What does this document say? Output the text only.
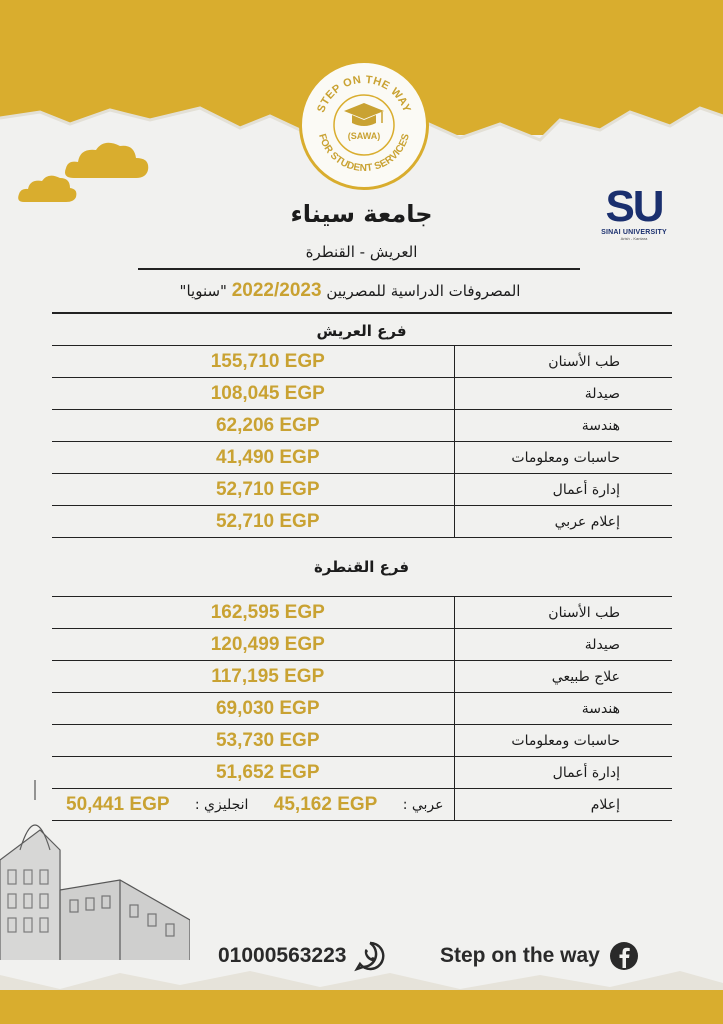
STEP ON THE WAY
FOR STUDENT SERVICES
(SAWA)
SU
SINAI UNIVERSITY
Arish - Kantara
جامعة سيناء
العريش - القنطرة
المصروفات الدراسية للمصريين 2022/2023 "سنويا"
فرع العريش
155,710 EGP	طب الأسنان
108,045 EGP	صيدلة
62,206 EGP	هندسة
41,490 EGP	حاسبات ومعلومات
52,710 EGP	إدارة أعمال
52,710 EGP	إعلام عربي
فرع القنطرة
162,595 EGP	طب الأسنان
120,499 EGP	صيدلة
117,195 EGP	علاج طبيعي
69,030 EGP	هندسة
53,730 EGP	حاسبات ومعلومات
51,652 EGP	إدارة أعمال

50,441 EGP انجليزي : 45,162 EGP عربي :	إعلام
01000563223	Step on the way
